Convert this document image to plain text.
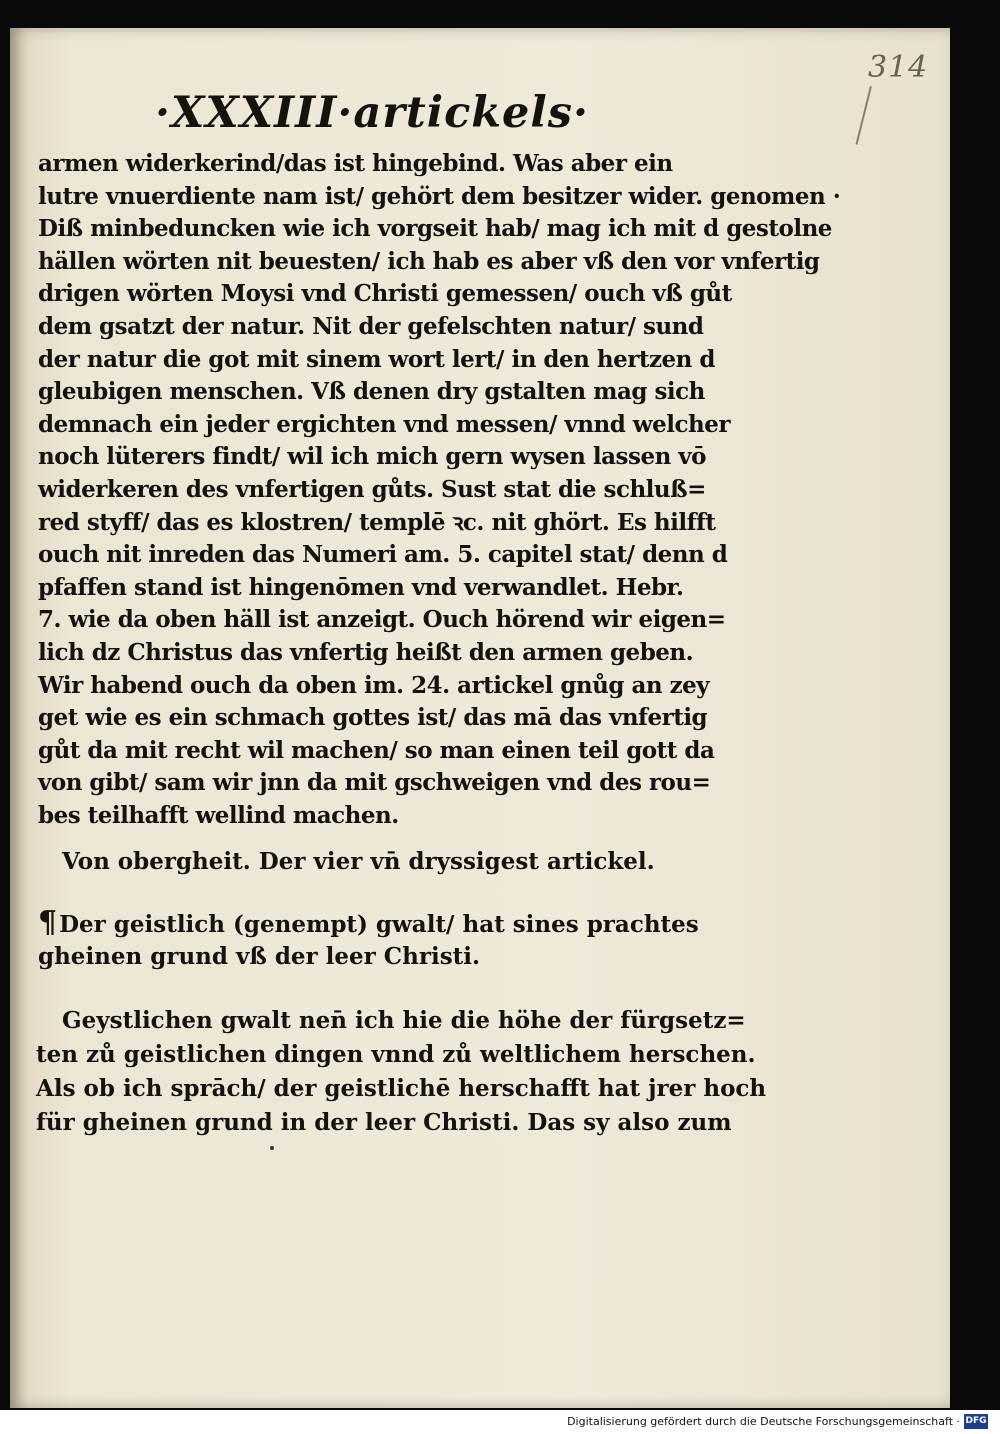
314
·XXXIII·artickels·
armen widerkerind/das ist hingebind. Was aber ein
lutre vnuerdiente nam ist/ gehört dem besitzer wider. genomen ·
Diß minbeduncken wie ich vorgseit hab/ mag ich mit d gestolne
hällen wörten nit beuesten/ ich hab es aber vß den vor vnfertig
drigen wörten Moysi vnd Christi gemessen/ ouch vß gůt
dem gsatzt der natur. Nit der gefelschten natur/ sund
der natur die got mit sinem wort lert/ in den hertzen d
gleubigen menschen. Vß denen dry gstalten mag sich
demnach ein jeder ergichten vnd messen/ vnnd welcher
noch lüterers findt/ wil ich mich gern wysen lassen vō
widerkeren des vnfertigen gůts. Sust stat die schluß=
red styff/ das es klostren/ templē ꝛc. nit ghört. Es hilfft
ouch nit inreden das Numeri am. 5. capitel stat/ denn d
pfaffen stand ist hingenōmen vnd verwandlet. Hebr.
7. wie da oben häll ist anzeigt. Ouch hörend wir eigen=
lich dz Christus das vnfertig heißt den armen geben.
Wir habend ouch da oben im. 24. artickel gnůg an zey
get wie es ein schmach gottes ist/ das mā das vnfertig
gůt da mit recht wil machen/ so man einen teil gott da
von gibt/ sam wir jnn da mit gschweigen vnd des rou=
bes teilhafft wellind machen.
Von obergheit. Der vier vn̄ dryssigest artickel.
¶Der geistlich (genempt) gwalt/ hat sines prachtes
gheinen grund vß der leer Christi.
Geystlichen gwalt nen̄ ich hie die höhe der fürgsetz=
ten zů geistlichen dingen vnnd zů weltlichem herschen.
Als ob ich sprāch/ der geistlichē herschafft hat jrer hoch
für gheinen grund in der leer Christi. Das sy also zum
Digitalisierung gefördert durch die Deutsche Forschungsgemeinschaft · DFG
